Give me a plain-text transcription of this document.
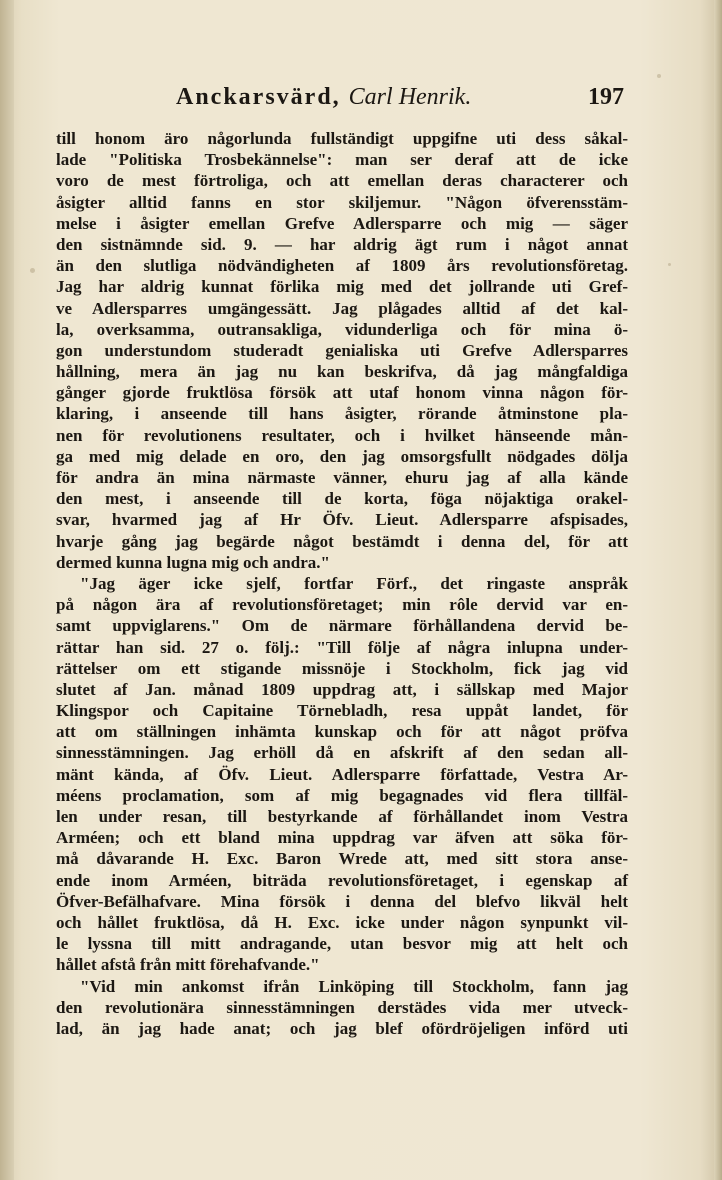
Anckarsvärd, Carl Henrik.	197
till honom äro någorlunda fullständigt uppgifne uti dess såkal-
lade "Politiska Trosbekännelse": man ser deraf att de icke
voro de mest förtroliga, och att emellan deras characterer och
åsigter alltid fanns en stor skiljemur. "Någon öfverensstäm-
melse i åsigter emellan Grefve Adlersparre och mig — säger
den sistnämnde sid. 9. — har aldrig ägt rum i något annat
än den slutliga nödvändigheten af 1809 års revolutionsföretag.
Jag har aldrig kunnat förlika mig med det jollrande uti Gref-
ve Adlersparres umgängessätt. Jag plågades alltid af det kal-
la, overksamma, outransakliga, vidunderliga och för mina ö-
gon understundom studeradt genialiska uti Grefve Adlersparres
hållning, mera än jag nu kan beskrifva, då jag mångfaldiga
gånger gjorde fruktlösa försök att utaf honom vinna någon för-
klaring, i anseende till hans åsigter, rörande åtminstone pla-
nen för revolutionens resultater, och i hvilket hänseende mån-
ga med mig delade en oro, den jag omsorgsfullt nödgades dölja
för andra än mina närmaste vänner, ehuru jag af alla kände
den mest, i anseende till de korta, föga nöjaktiga orakel-
svar, hvarmed jag af Hr Öfv. Lieut. Adlersparre afspisades,
hvarje gång jag begärde något bestämdt i denna del, för att
dermed kunna lugna mig och andra."
"Jag äger icke sjelf, fortfar Förf., det ringaste anspråk
på någon ära af revolutionsföretaget; min rôle dervid var en-
samt uppviglarens." Om de närmare förhållandena dervid be-
rättar han sid. 27 o. följ.: "Till följe af några inlupna under-
rättelser om ett stigande missnöje i Stockholm, fick jag vid
slutet af Jan. månad 1809 uppdrag att, i sällskap med Major
Klingspor och Capitaine Törnebladh, resa uppåt landet, för
att om ställningen inhämta kunskap och för att något pröfva
sinnesstämningen. Jag erhöll då en afskrift af den sedan all-
mänt kända, af Öfv. Lieut. Adlersparre författade, Vestra Ar-
méens proclamation, som af mig begagnades vid flera tillfäl-
len under resan, till bestyrkande af förhållandet inom Vestra
Arméen; och ett bland mina uppdrag var äfven att söka för-
må dåvarande H. Exc. Baron Wrede att, med sitt stora anse-
ende inom Arméen, biträda revolutionsföretaget, i egenskap af
Öfver-Befälhafvare. Mina försök i denna del blefvo likväl helt
och hållet fruktlösa, då H. Exc. icke under någon synpunkt vil-
le lyssna till mitt andragande, utan besvor mig att helt och
hållet afstå från mitt förehafvande."
"Vid min ankomst ifrån Linköping till Stockholm, fann jag
den revolutionära sinnesstämningen derstädes vida mer utveck-
lad, än jag hade anat; och jag blef ofördröjeligen införd uti
